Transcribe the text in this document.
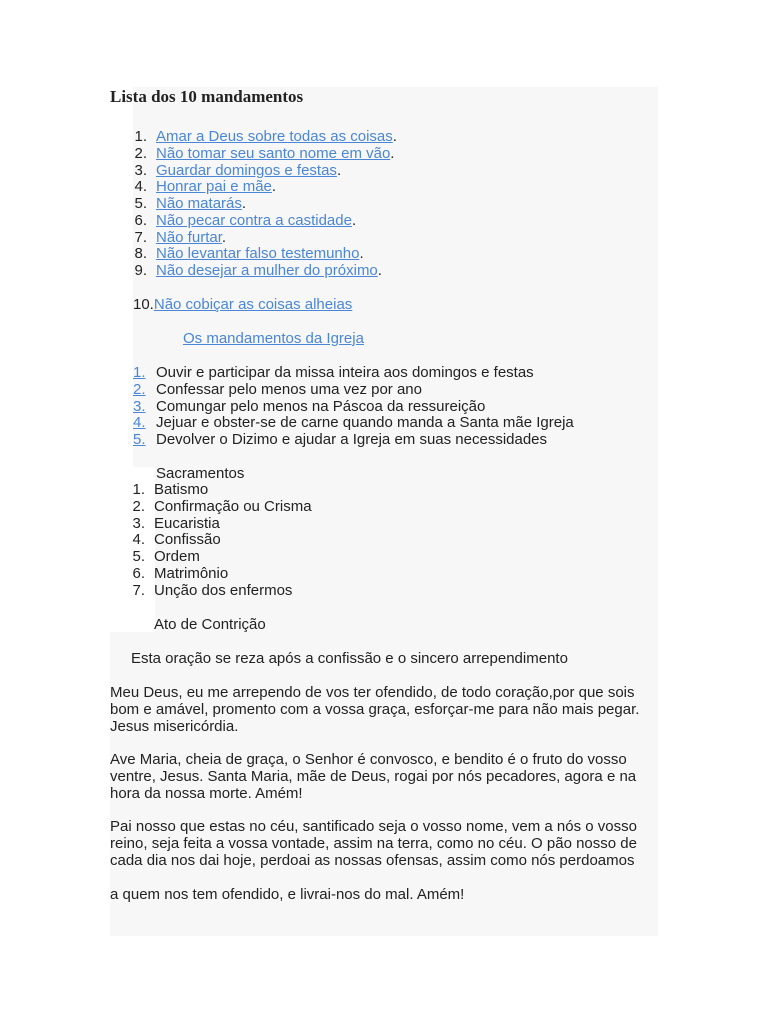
Lista dos 10 mandamentos
1. Amar a Deus sobre todas as coisas.
2. Não tomar seu santo nome em vão.
3. Guardar domingos e festas.
4. Honrar pai e mãe.
5. Não matarás.
6. Não pecar contra a castidade.
7. Não furtar.
8. Não levantar falso testemunho.
9. Não desejar a mulher do próximo.
10.Não cobiçar as coisas alheias
Os mandamentos da Igreja
1. Ouvir e participar da missa inteira aos domingos e festas
2. Confessar pelo menos uma vez por ano
3. Comungar pelo menos na Páscoa da ressureição
4. Jejuar e obster-se de carne quando manda a Santa mãe Igreja
5. Devolver o Dizimo e ajudar a Igreja em suas necessidades
Sacramentos
1. Batismo
2. Confirmação ou Crisma
3. Eucaristia
4. Confissão
5. Ordem
6. Matrimônio
7. Unção dos enfermos
Ato de Contrição
Esta oração se reza após a confissão e o sincero arrependimento
Meu Deus, eu me arrependo de vos ter ofendido, de todo coração,por que sois
bom e amável, promento com a vossa graça, esforçar-me para não mais pegar.
Jesus misericórdia.
Ave Maria, cheia de graça, o Senhor é convosco, e bendito é o fruto do vosso
ventre, Jesus. Santa Maria, mãe de Deus, rogai por nós pecadores, agora e na
hora da nossa morte. Amém!
Pai nosso que estas no céu, santificado seja o vosso nome, vem a nós o vosso
reino, seja feita a vossa vontade, assim na terra, como no céu. O pão nosso de
cada dia nos dai hoje, perdoai as nossas ofensas, assim como nós perdoamos
a quem nos tem ofendido, e livrai-nos do mal. Amém!
